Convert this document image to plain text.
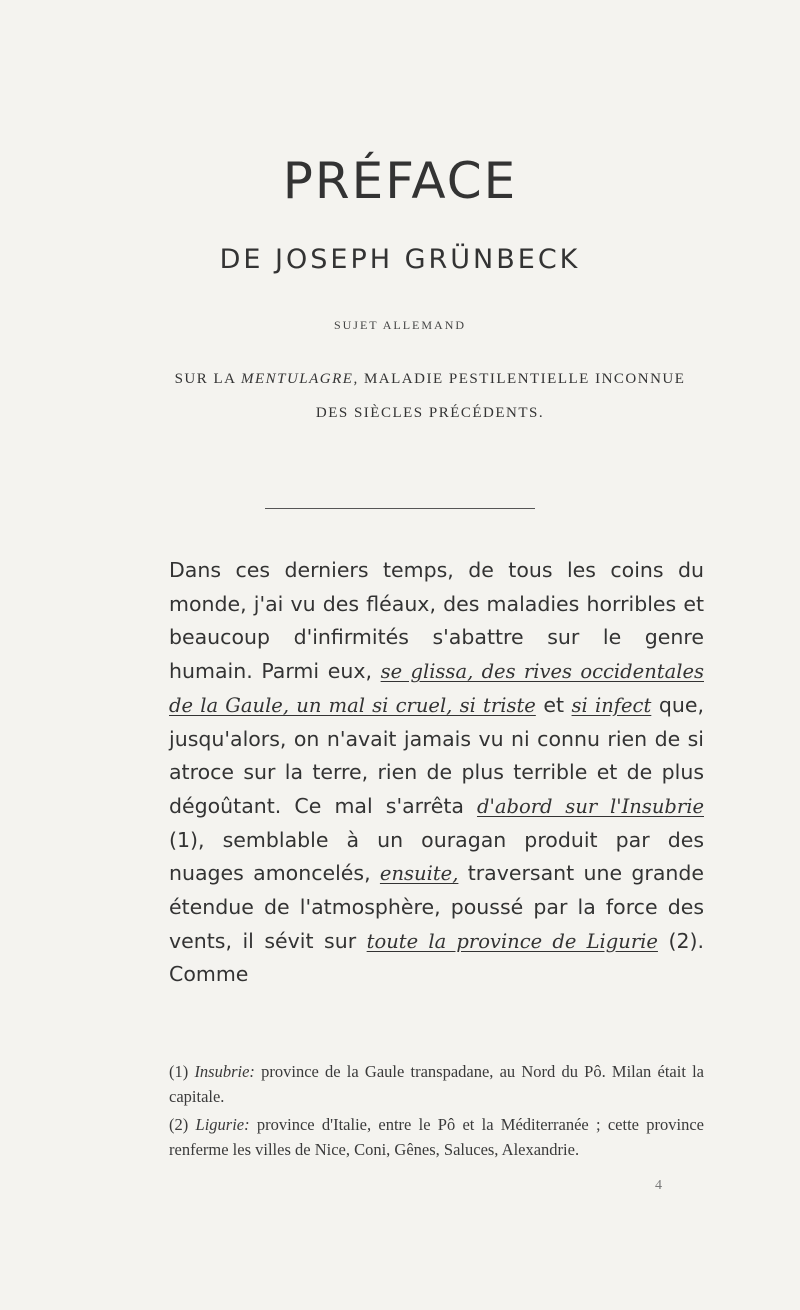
PRÉFACE
DE JOSEPH GRÜNBECK
SUJET ALLEMAND
SUR LA MENTULAGRE, MALADIE PESTILENTIELLE INCONNUE
DES SIÈCLES PRÉCÉDENTS.
Dans ces derniers temps, de tous les coins du monde, j'ai vu des fléaux, des maladies horribles et beaucoup d'infirmités s'abattre sur le genre humain. Parmi eux, se glissa, des rives occidentales de la Gaule, un mal si cruel, si triste et si infect que, jusqu'alors, on n'avait jamais vu ni connu rien de si atroce sur la terre, rien de plus terrible et de plus dégoûtant. Ce mal s'arrêta d'abord sur l'Insubrie (1), semblable à un ouragan produit par des nuages amoncelés, ensuite, traversant une grande étendue de l'atmosphère, poussé par la force des vents, il sévit sur toute la province de Ligurie (2). Comme

(1) Insubrie: province de la Gaule transpadane, au Nord du Pô. Milan était la capitale.

(2) Ligurie: province d'Italie, entre le Pô et la Méditerranée ; cette province renferme les villes de Nice, Coni, Gênes, Saluces, Alexandrie.

4
